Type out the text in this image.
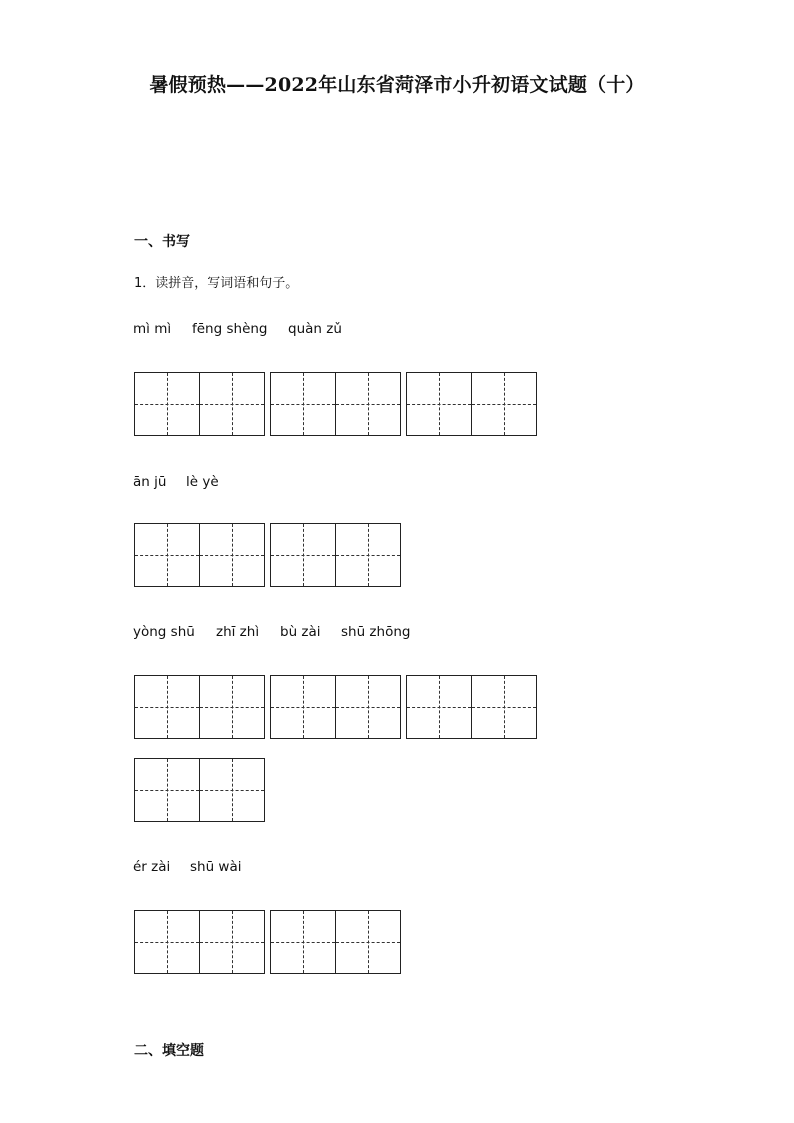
暑假预热——2022年山东省菏泽市小升初语文试题（十）
一、书写
1．读拼音，写词语和句子。
mì mì fēng shèng quàn zǔ
ān jū lè yè
yòng shū zhī zhì bù zài shū zhōng
ér zài shū wài
二、填空题
